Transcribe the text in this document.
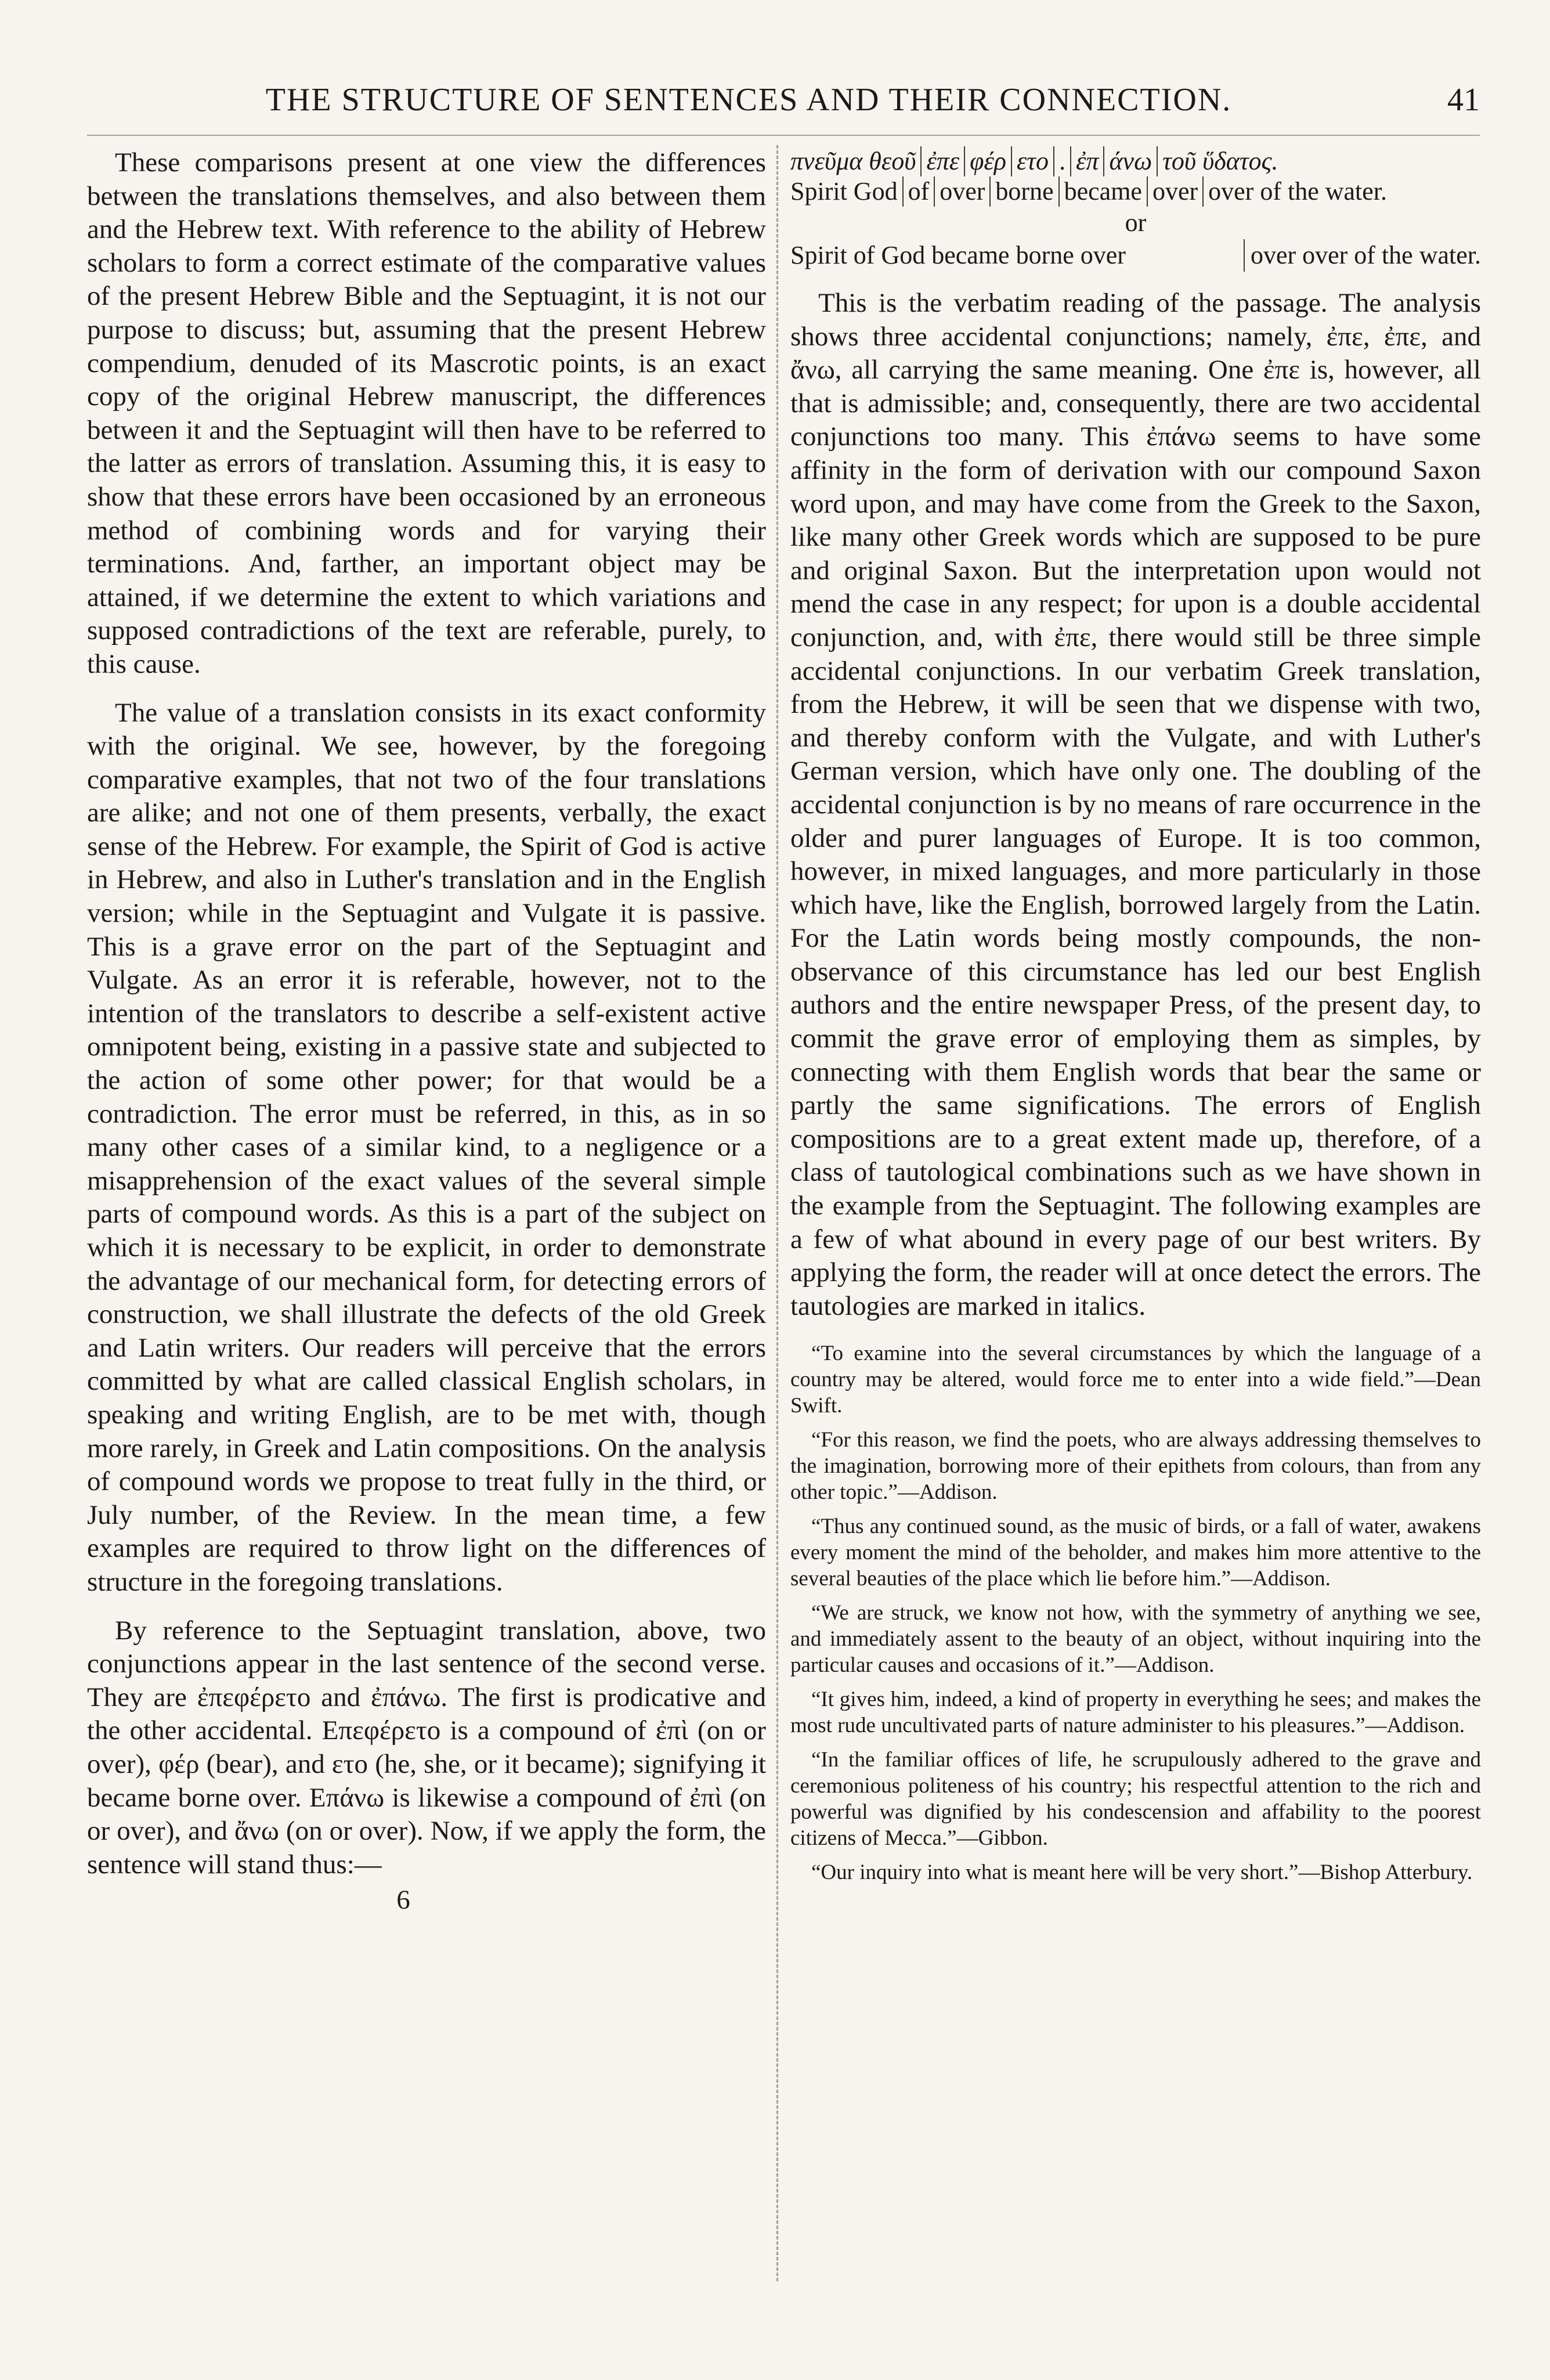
THE STRUCTURE OF SENTENCES AND THEIR CONNECTION.	41

These comparisons present at one view the differences between the translations themselves, and also between them and the Hebrew text. With reference to the ability of Hebrew scholars to form a correct estimate of the comparative values of the present Hebrew Bible and the Septuagint, it is not our purpose to discuss; but, assuming that the present Hebrew compendium, denuded of its Mascrotic points, is an exact copy of the original Hebrew manuscript, the differences between it and the Septuagint will then have to be referred to the latter as errors of translation. Assuming this, it is easy to show that these errors have been occasioned by an erroneous method of combining words and for varying their terminations. And, farther, an important object may be attained, if we determine the extent to which variations and supposed contradictions of the text are referable, purely, to this cause.

The value of a translation consists in its exact conformity with the original. We see, however, by the foregoing comparative examples, that not two of the four translations are alike; and not one of them presents, verbally, the exact sense of the Hebrew. For example, the Spirit of God is active in Hebrew, and also in Luther's translation and in the English version; while in the Septuagint and Vulgate it is passive. This is a grave error on the part of the Septuagint and Vulgate. As an error it is referable, however, not to the intention of the translators to describe a self-existent active omnipotent being, existing in a passive state and subjected to the action of some other power; for that would be a contradiction. The error must be referred, in this, as in so many other cases of a similar kind, to a negligence or a misapprehension of the exact values of the several simple parts of compound words. As this is a part of the subject on which it is necessary to be explicit, in order to demonstrate the advantage of our mechanical form, for detecting errors of construction, we shall illustrate the defects of the old Greek and Latin writers. Our readers will perceive that the errors committed by what are called classical English scholars, in speaking and writing English, are to be met with, though more rarely, in Greek and Latin compositions. On the analysis of compound words we propose to treat fully in the third, or July number, of the Review. In the mean time, a few examples are required to throw light on the differences of structure in the foregoing translations.

By reference to the Septuagint translation, above, two conjunctions appear in the last sentence of the second verse. They are ἐπεφέρετο and ἐπάνω. The first is prodicative and the other accidental. Επεφέρετο is a compound of ἐπὶ (on or over), φέρ (bear), and ετο (he, she, or it became); signifying it became borne over. Επάνω is likewise a compound of ἐπὶ (on or over), and ἄνω (on or over). Now, if we apply the form, the sentence will stand thus:—

6

πνεῦμα θεοῦ ἐπε φέρ ετο . ἐπ άνω τοῦ ὕδατος.
Spirit God of over borne became over over of the water.
or
Spirit of God became borne over	over over of the water.

This is the verbatim reading of the passage. The analysis shows three accidental conjunctions; namely, ἐπε, ἐπε, and ἄνω, all carrying the same meaning. One ἐπε is, however, all that is admissible; and, consequently, there are two accidental conjunctions too many. This ἐπάνω seems to have some affinity in the form of derivation with our compound Saxon word upon, and may have come from the Greek to the Saxon, like many other Greek words which are supposed to be pure and original Saxon. But the interpretation upon would not mend the case in any respect; for upon is a double accidental conjunction, and, with ἐπε, there would still be three simple accidental conjunctions. In our verbatim Greek translation, from the Hebrew, it will be seen that we dispense with two, and thereby conform with the Vulgate, and with Luther's German version, which have only one. The doubling of the accidental conjunction is by no means of rare occurrence in the older and purer languages of Europe. It is too common, however, in mixed languages, and more particularly in those which have, like the English, borrowed largely from the Latin. For the Latin words being mostly compounds, the non-observance of this circumstance has led our best English authors and the entire newspaper Press, of the present day, to commit the grave error of employing them as simples, by connecting with them English words that bear the same or partly the same significations. The errors of English compositions are to a great extent made up, therefore, of a class of tautological combinations such as we have shown in the example from the Septuagint. The following examples are a few of what abound in every page of our best writers. By applying the form, the reader will at once detect the errors. The tautologies are marked in italics.

“To examine into the several circumstances by which the language of a country may be altered, would force me to enter into a wide field.”—Dean Swift.

“For this reason, we find the poets, who are always addressing themselves to the imagination, borrowing more of their epithets from colours, than from any other topic.”—Addison.

“Thus any continued sound, as the music of birds, or a fall of water, awakens every moment the mind of the beholder, and makes him more attentive to the several beauties of the place which lie before him.”—Addison.

“We are struck, we know not how, with the symmetry of anything we see, and immediately assent to the beauty of an object, without inquiring into the particular causes and occasions of it.”—Addison.

“It gives him, indeed, a kind of property in everything he sees; and makes the most rude uncultivated parts of nature administer to his pleasures.”—Addison.

“In the familiar offices of life, he scrupulously adhered to the grave and ceremonious politeness of his country; his respectful attention to the rich and powerful was dignified by his condescension and affability to the poorest citizens of Mecca.”—Gibbon.

“Our inquiry into what is meant here will be very short.”—Bishop Atterbury.
